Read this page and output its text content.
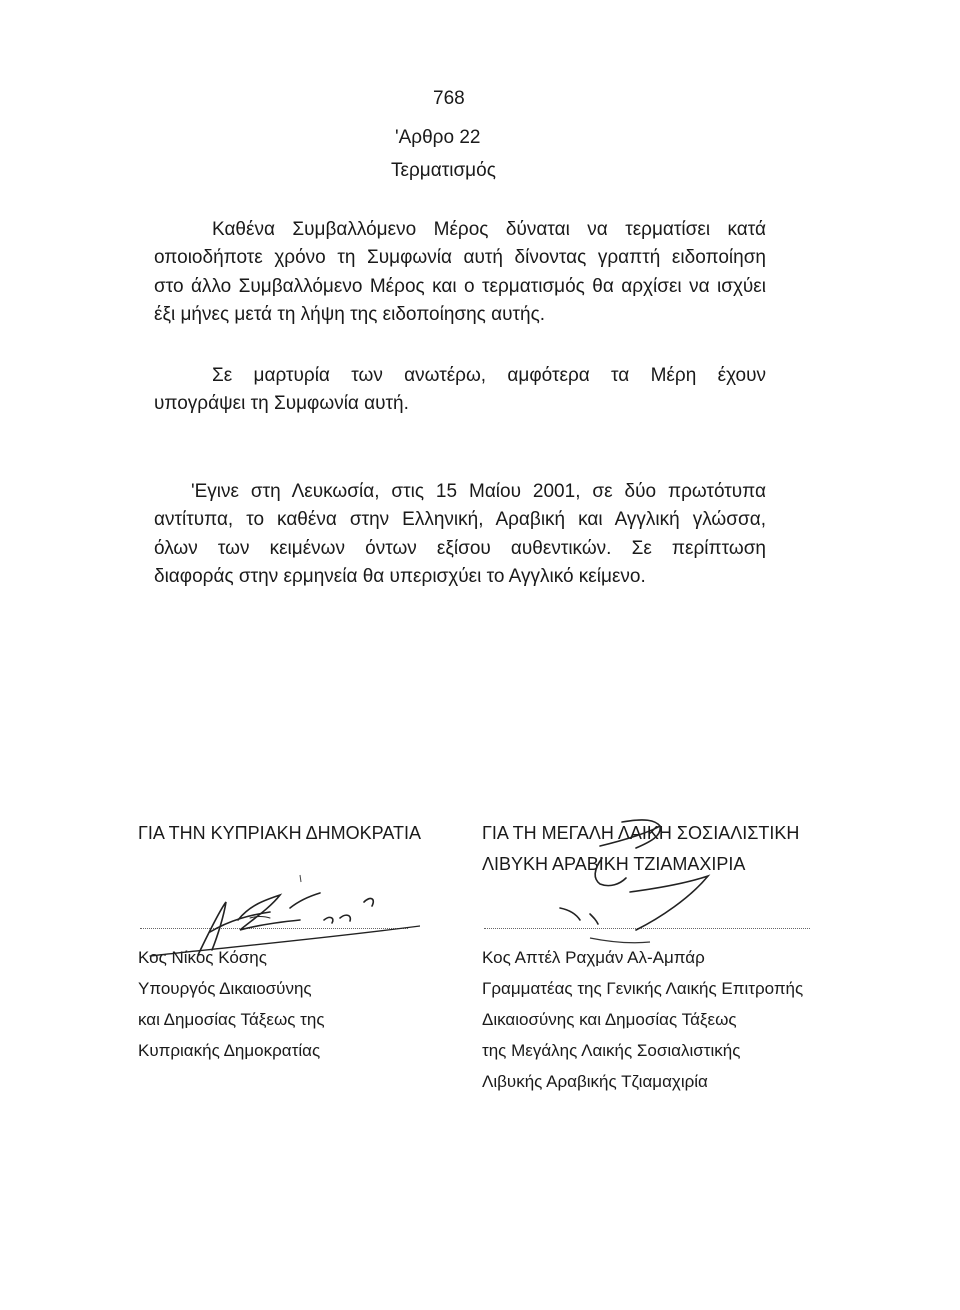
768
'Αρθρο 22
Τερματισμός

Καθένα Συμβαλλόμενο Μέρος δύναται να τερματίσει κατά

οποιοδήποτε χρόνο τη Συμφωνία αυτή δίνοντας γραπτή ειδοποίηση

στο άλλο Συμβαλλόμενο Μέρος και ο τερματισμός θα αρχίσει να ισχύει

έξι μήνες μετά τη λήψη της ειδοποίησης αυτής.

Σε μαρτυρία των ανωτέρω, αμφότερα τα Μέρη έχουν

υπογράψει τη Συμφωνία αυτή.

'Εγινε στη Λευκωσία, στις 15 Μαίου 2001, σε δύο πρωτότυπα

αντίτυπα, το καθένα στην Ελληνική, Αραβική και Αγγλική γλώσσα,

όλων των κειμένων όντων εξίσου αυθεντικών. Σε περίπτωση

διαφοράς στην ερμηνεία θα υπερισχύει το Αγγλικό κείμενο.

ΓΙΑ ΤΗΝ ΚΥΠΡΙΑΚΗ ΔΗΜΟΚΡΑΤΙΑ

Κος Νίκος Κόσης

Υπουργός Δικαιοσύνης

και Δημοσίας Τάξεως της

Κυπριακής Δημοκρατίας

ΓΙΑ ΤΗ ΜΕΓΑΛΗ ΛΑΙΚΗ ΣΟΣΙΑΛΙΣΤΙΚΗ

ΛΙΒΥΚΗ ΑΡΑΒΙΚΗ ΤΖΙΑΜΑΧΙΡΙΑ

Κος Απτέλ Ραχμάν Αλ-Αμπάρ

Γραμματέας της Γενικής Λαικής Επιτροπής

Δικαιοσύνης και Δημοσίας Τάξεως

της Μεγάλης Λαικής Σοσιαλιστικής

Λιβυκής Αραβικής Τζιαμαχιρία
